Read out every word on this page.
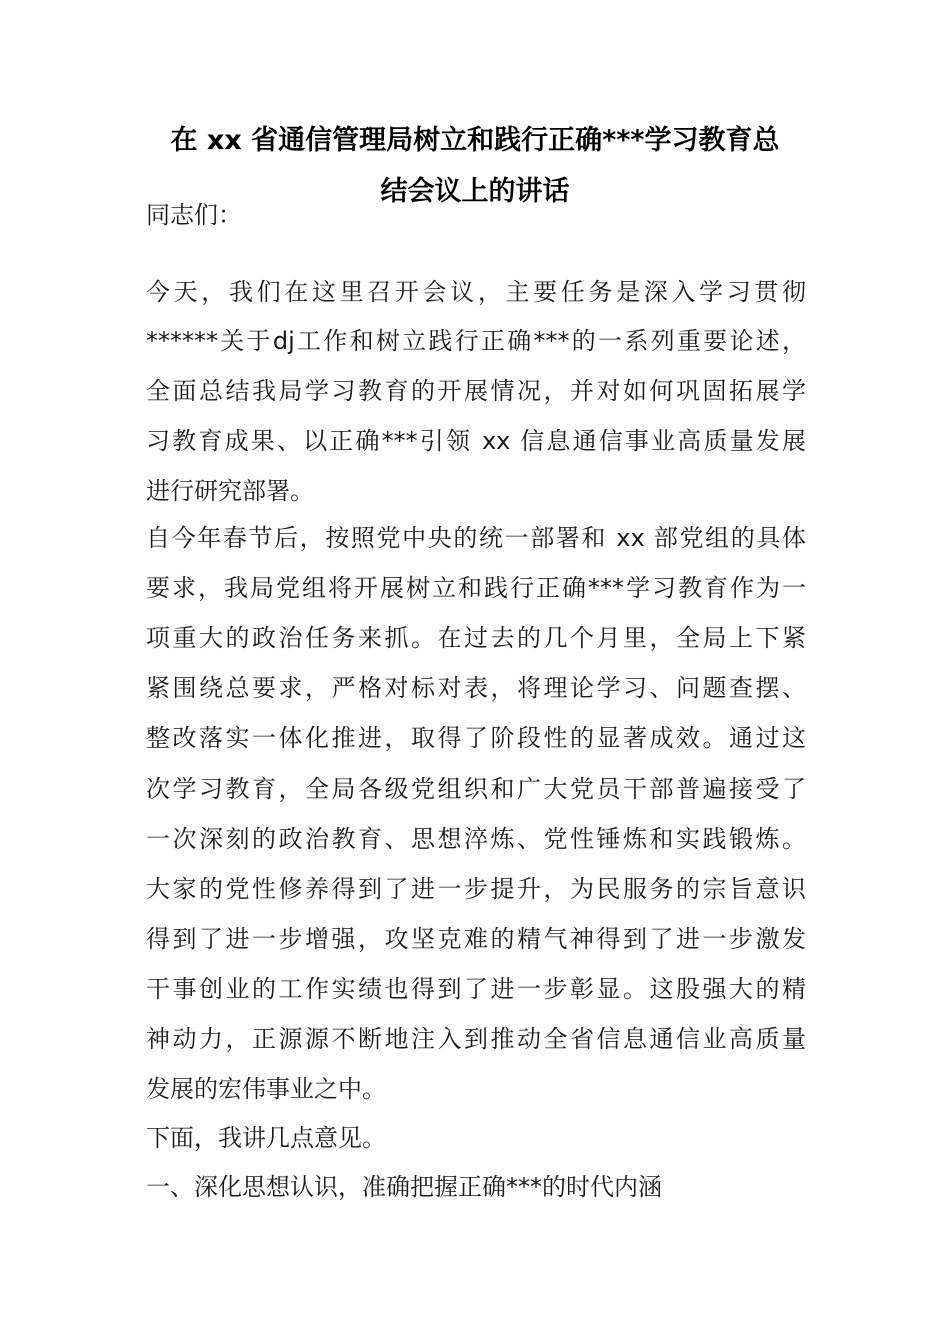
在 xx 省通信管理局树立和践行正确***学习教育总
结会议上的讲话
同志们：
今天，我们在这里召开会议，主要任务是深入学习贯彻
******关于dj工作和树立践行正确***的一系列重要论述，
全面总结我局学习教育的开展情况，并对如何巩固拓展学
习教育成果、以正确***引领 xx 信息通信事业高质量发展
进行研究部署。
自今年春节后，按照党中央的统一部署和 xx 部党组的具体
要求，我局党组将开展树立和践行正确***学习教育作为一
项重大的政治任务来抓。在过去的几个月里，全局上下紧
紧围绕总要求，严格对标对表，将理论学习、问题查摆、
整改落实一体化推进，取得了阶段性的显著成效。通过这
次学习教育，全局各级党组织和广大党员干部普遍接受了
一次深刻的政治教育、思想淬炼、党性锤炼和实践锻炼。
大家的党性修养得到了进一步提升，为民服务的宗旨意识
得到了进一步增强，攻坚克难的精气神得到了进一步激发
干事创业的工作实绩也得到了进一步彰显。这股强大的精
神动力，正源源不断地注入到推动全省信息通信业高质量
发展的宏伟事业之中。
下面，我讲几点意见。
一、深化思想认识，准确把握正确***的时代内涵
